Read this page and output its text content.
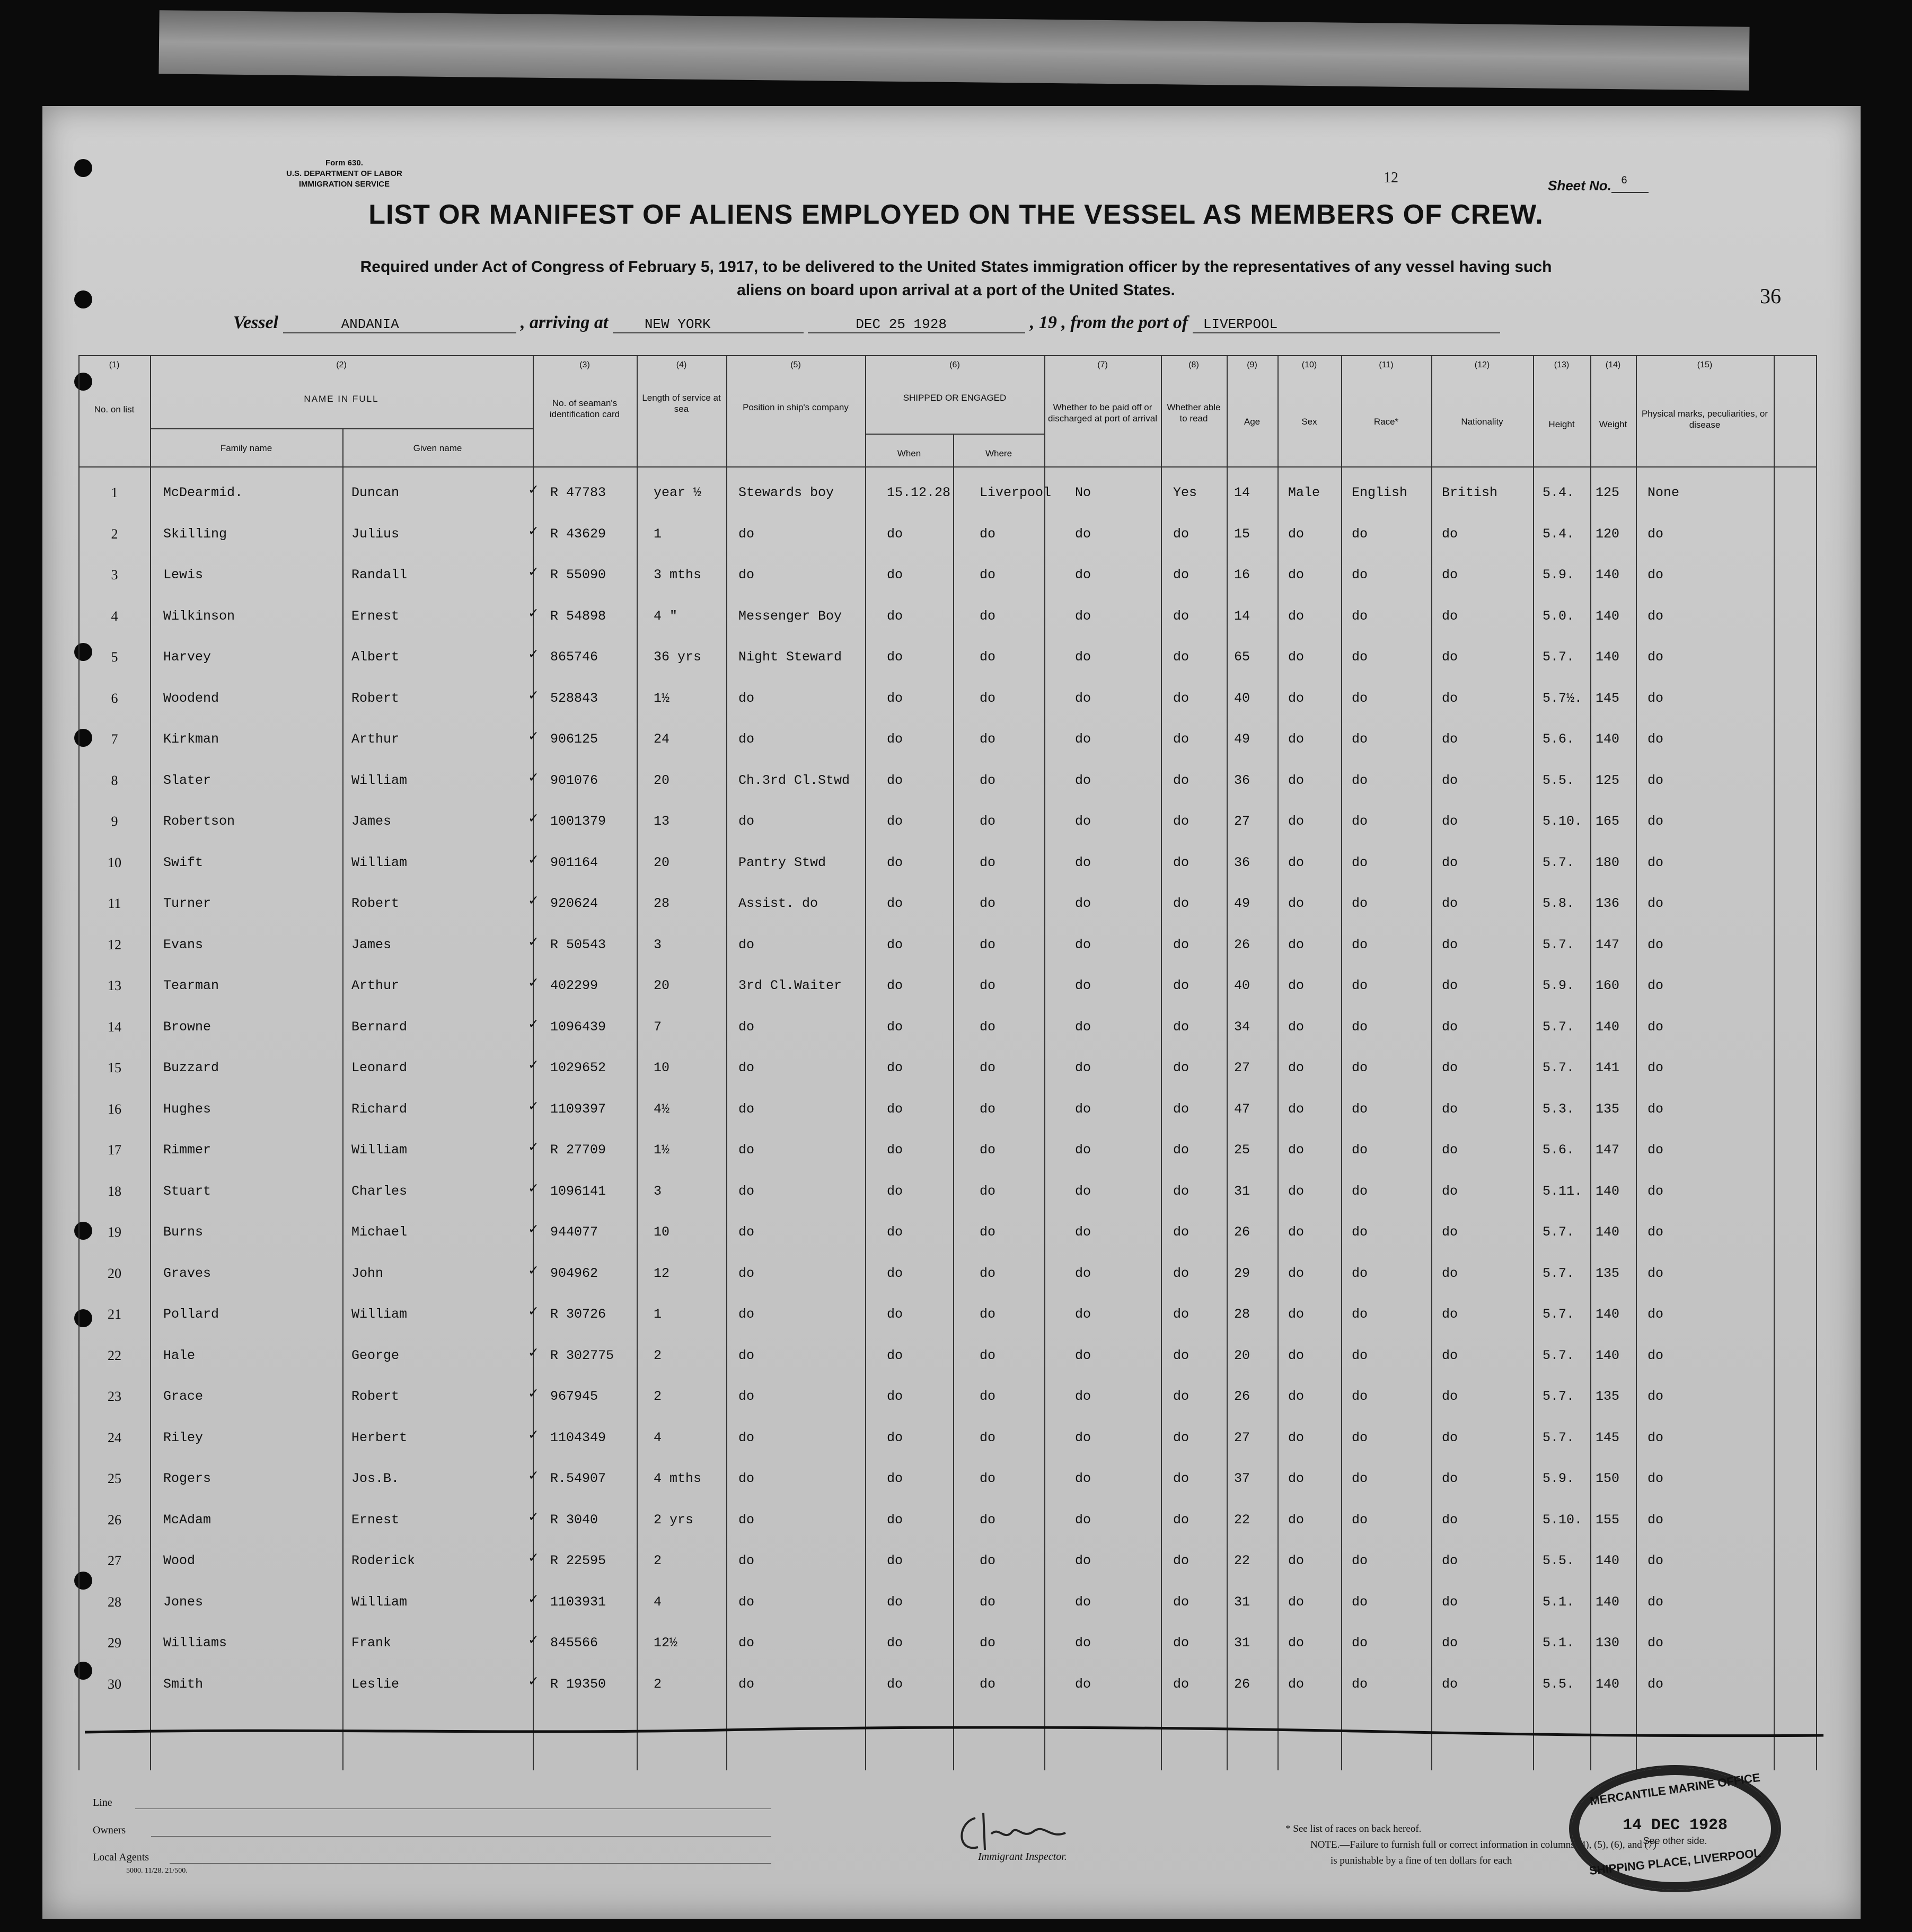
Form 630.
U.S. DEPARTMENT OF LABOR
IMMIGRATION SERVICE	Sheet No. 6
12
LIST OR MANIFEST OF ALIENS EMPLOYED ON THE VESSEL AS MEMBERS OF CREW.
Required under Act of Congress of February 5, 1917, to be delivered to the United States immigration officer by the representatives of any vessel having such
aliens on board upon arrival at a port of the United States.	36
Vessel	ANDANIA	, arriving at	NEW YORK	DEC 25 1928	, 19 , from the port of LIVERPOOL
(1)	(2)	(3)	(4)	(5)	(6)	(7)	(8)	(9)	(10)	(11)	(12)	(13)	(14)	(15)
No. on list
NAME IN FULL
Family name	Given name
No. of seaman's identification card
Length of service at sea	Position in ship's company
SHIPPED OR ENGAGED
When	Where
Whether to be paid off or discharged at port of arrival
Whether able to read	Age	Sex	Race*	Nationality	Height	Weight
Physical marks, peculiarities, or disease
1	McDearmid.	Duncan	R 47783	year ½	Stewards boy	15.12.28 Liverpool No	Yes	14	Male English	British	5.4. 125 None
✓
2	Skilling	Julius	R 43629	1	do	do	do	do	do	15	do	do	do	5.4. 120 do
✓
3	Lewis	Randall	R 55090	3 mths	do	do	do	do	do	16	do	do	do	5.9. 140 do
✓
4	Wilkinson	Ernest	R 54898	4 "	Messenger Boy	do	do	do	do	14	do	do	do	5.0. 140 do
✓
5	Harvey	Albert	865746	36 yrs	Night Steward	do	do	do	do	65	do	do	do	5.7. 140 do
✓
6	Woodend	Robert	528843	1½	do	do	do	do	do	40	do	do	do	5.7½. 145 do
✓
7	Kirkman	Arthur	906125	24	do	do	do	do	do	49	do	do	do	5.6. 140 do
✓
8	Slater	William	901076	20	Ch.3rd Cl.Stwd	do	do	do	do	36	do	do	do	5.5. 125 do
✓
9	Robertson	James	1001379	13	do	do	do	do	do	27	do	do	do	5.10. 165 do
✓
10	Swift	William	901164	20	Pantry Stwd	do	do	do	do	36	do	do	do	5.7. 180 do
✓
11	Turner	Robert	920624	28	Assist. do	do	do	do	do	49	do	do	do	5.8. 136 do
✓
12	Evans	James	R 50543	3	do	do	do	do	do	26	do	do	do	5.7. 147 do
✓
13	Tearman	Arthur	402299	20	3rd Cl.Waiter	do	do	do	do	40	do	do	do	5.9. 160 do
✓
14	Browne	Bernard	1096439	7	do	do	do	do	do	34	do	do	do	5.7. 140 do
✓
15	Buzzard	Leonard	1029652	10	do	do	do	do	do	27	do	do	do	5.7. 141 do
✓
16	Hughes	Richard	1109397	4½	do	do	do	do	do	47	do	do	do	5.3. 135 do
✓
17	Rimmer	William	R 27709	1½	do	do	do	do	do	25	do	do	do	5.6. 147 do
✓
18	Stuart	Charles	1096141	3	do	do	do	do	do	31	do	do	do	5.11. 140 do
✓
19	Burns	Michael	944077	10	do	do	do	do	do	26	do	do	do	5.7. 140 do
✓
20	Graves	John	904962	12	do	do	do	do	do	29	do	do	do	5.7. 135 do
✓
21	Pollard	William	R 30726	1	do	do	do	do	do	28	do	do	do	5.7. 140 do
✓
22	Hale	George	R 302775	2	do	do	do	do	do	20	do	do	do	5.7. 140 do
✓
23	Grace	Robert	967945	2	do	do	do	do	do	26	do	do	do	5.7. 135 do
✓
24	Riley	Herbert	1104349	4	do	do	do	do	do	27	do	do	do	5.7. 145 do
✓
25	Rogers	Jos.B.	R.54907	4 mths	do	do	do	do	do	37	do	do	do	5.9. 150 do
✓
26	McAdam	Ernest	R 3040	2 yrs	do	do	do	do	do	22	do	do	do	5.10. 155 do
✓
27	Wood	Roderick	R 22595	2	do	do	do	do	do	22	do	do	do	5.5. 140 do
✓
28	Jones	William	1103931	4	do	do	do	do	do	31	do	do	do	5.1. 140 do
✓
29	Williams	Frank	845566	12½	do	do	do	do	do	31	do	do	do	5.1. 130 do
✓
30	Smith	Leslie	R 19350	2	do	do	do	do	do	26	do	do	do	5.5. 140 do
✓
Line
Owners
Local Agents
5000. 11/28. 21/500.
Immigrant Inspector.
* See list of races on back hereof.
NOTE.—Failure to furnish full or correct information in columns (4), (5), (6), and (7)
is punishable by a fine of ten dollars for each
MERCANTILE MARINE OFFICE
14 DEC 1928
See other side.
SHIPPING PLACE, LIVERPOOL
